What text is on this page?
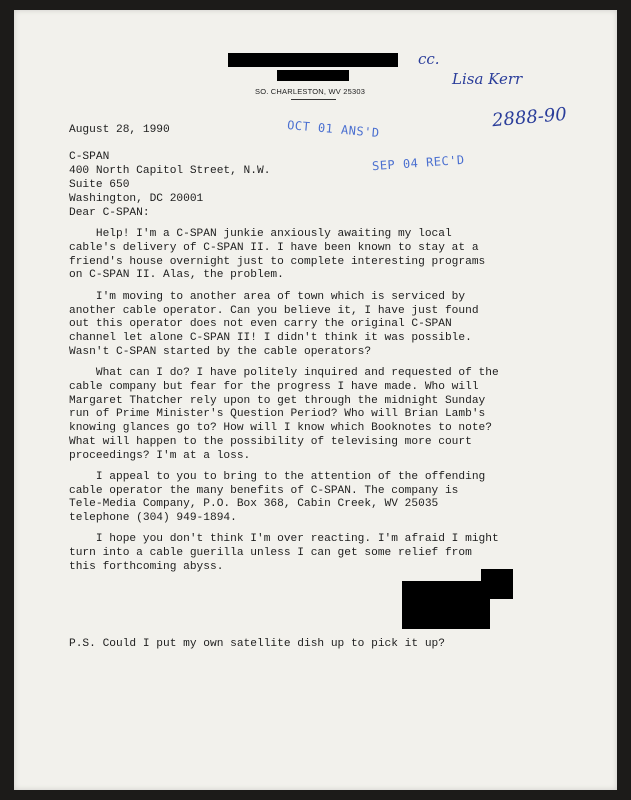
SO. CHARLESTON, WV 25303
cc.
Lisa Kerr
2888-90
OCT 01 ANS'D
SEP 04 REC'D
August 28, 1990
C-SPAN
400 North Capitol Street, N.W.
Suite 650
Washington, DC 20001
Dear C-SPAN:
Help! I'm a C-SPAN junkie anxiously awaiting my local
cable's delivery of C-SPAN II. I have been known to stay at a
friend's house overnight just to complete interesting programs
on C-SPAN II. Alas, the problem.
I'm moving to another area of town which is serviced by
another cable operator. Can you believe it, I have just found
out this operator does not even carry the original C-SPAN
channel let alone C-SPAN II! I didn't think it was possible.
Wasn't C-SPAN started by the cable operators?
What can I do? I have politely inquired and requested of the
cable company but fear for the progress I have made. Who will
Margaret Thatcher rely upon to get through the midnight Sunday
run of Prime Minister's Question Period? Who will Brian Lamb's
knowing glances go to? How will I know which Booknotes to note?
What will happen to the possibility of televising more court
proceedings? I'm at a loss.
I appeal to you to bring to the attention of the offending
cable operator the many benefits of C-SPAN. The company is
Tele-Media Company, P.O. Box 368, Cabin Creek, WV 25035
telephone (304) 949-1894.
I hope you don't think I'm over reacting. I'm afraid I might
turn into a cable guerilla unless I can get some relief from
this forthcoming abyss.
P.S. Could I put my own satellite dish up to pick it up?
